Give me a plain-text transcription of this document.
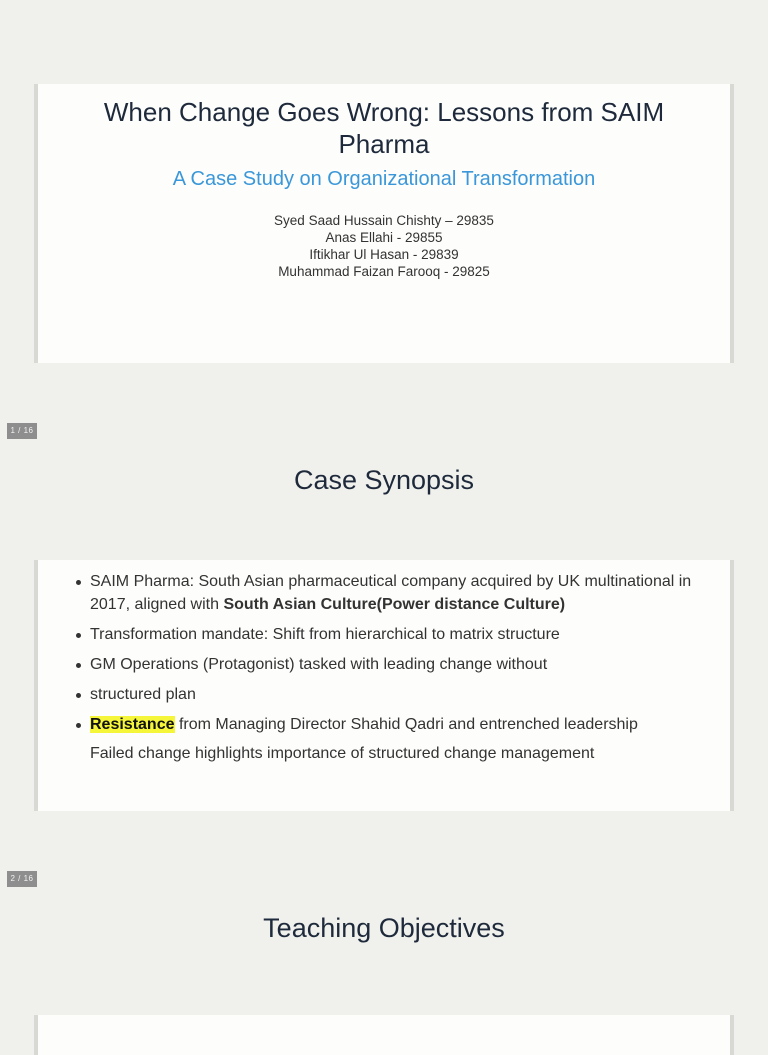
When Change Goes Wrong: Lessons from SAIM Pharma
A Case Study on Organizational Transformation
Syed Saad Hussain Chishty – 29835
Anas Ellahi - 29855
Iftikhar Ul Hasan - 29839
Muhammad Faizan Farooq - 29825
1 / 16
Case Synopsis
SAIM Pharma: South Asian pharmaceutical company acquired by UK multinational in 2017, aligned with South Asian Culture(Power distance Culture)
Transformation mandate: Shift from hierarchical to matrix structure
GM Operations (Protagonist) tasked with leading change without
structured plan
Resistance from Managing Director Shahid Qadri and entrenched leadership
Failed change highlights importance of structured change management
2 / 16
Teaching Objectives
